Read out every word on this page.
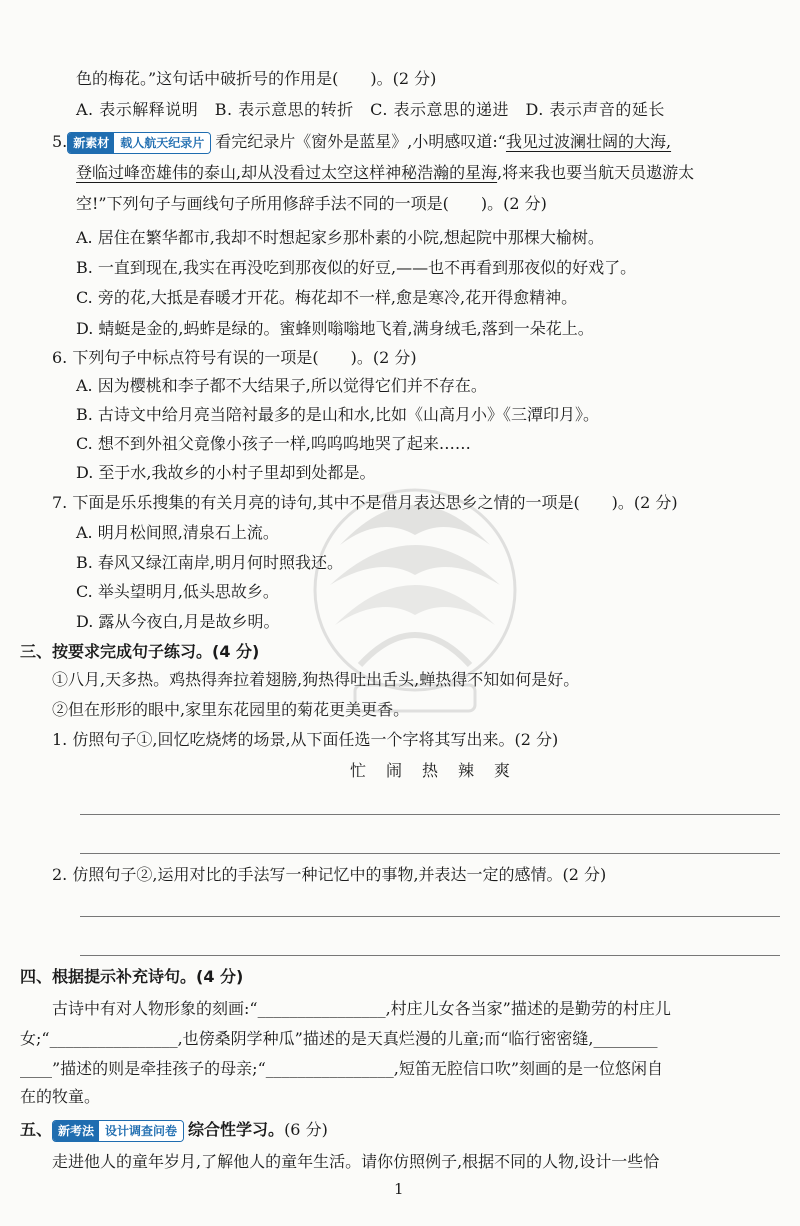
色的梅花。”这句话中破折号的作用是(　　)。(2 分)
A. 表示解释说明　B. 表示意思的转折　C. 表示意思的递进　D. 表示声音的延长
5. 新素材 载人航天纪录片 看完纪录片《窗外是蓝星》,小明感叹道:“我见过波澜壮阔的大海,
登临过峰峦雄伟的泰山,却从没看过太空这样神秘浩瀚的星海,将来我也要当航天员遨游太
空!”下列句子与画线句子所用修辞手法不同的一项是(　　)。(2 分)
A. 居住在繁华都市,我却不时想起家乡那朴素的小院,想起院中那棵大榆树。
B. 一直到现在,我实在再没吃到那夜似的好豆,——也不再看到那夜似的好戏了。
C. 旁的花,大抵是春暖才开花。梅花却不一样,愈是寒冷,花开得愈精神。
D. 蜻蜓是金的,蚂蚱是绿的。蜜蜂则嗡嗡地飞着,满身绒毛,落到一朵花上。
6. 下列句子中标点符号有误的一项是(　　)。(2 分)
A. 因为樱桃和李子都不大结果子,所以觉得它们并不存在。
B. 古诗文中给月亮当陪衬最多的是山和水,比如《山高月小》《三潭印月》。
C. 想不到外祖父竟像小孩子一样,呜呜呜地哭了起来……
D. 至于水,我故乡的小村子里却到处都是。
7. 下面是乐乐搜集的有关月亮的诗句,其中不是借月表达思乡之情的一项是(　　)。(2 分)
A. 明月松间照,清泉石上流。
B. 春风又绿江南岸,明月何时照我还。
C. 举头望明月,低头思故乡。
D. 露从今夜白,月是故乡明。
三、按要求完成句子练习。(4 分)
①八月,天多热。鸡热得奔拉着翅膀,狗热得吐出舌头,蝉热得不知如何是好。
②但在形形的眼中,家里东花园里的菊花更美更香。
1. 仿照句子①,回忆吃烧烤的场景,从下面任选一个字将其写出来。(2 分)
忙　闹　热　辣　爽
2. 仿照句子②,运用对比的手法写一种记忆中的事物,并表达一定的感情。(2 分)
四、根据提示补充诗句。(4 分)
古诗中有对人物形象的刻画:“________________,村庄儿女各当家”描述的是勤劳的村庄儿
女;“________________,也傍桑阴学种瓜”描述的是天真烂漫的儿童;而“临行密密缝,________
____”描述的则是牵挂孩子的母亲;“________________,短笛无腔信口吹”刻画的是一位悠闲自
在的牧童。
五、 新考法 设计调查问卷 综合性学习。(6 分)
走进他人的童年岁月,了解他人的童年生活。请你仿照例子,根据不同的人物,设计一些恰
1
